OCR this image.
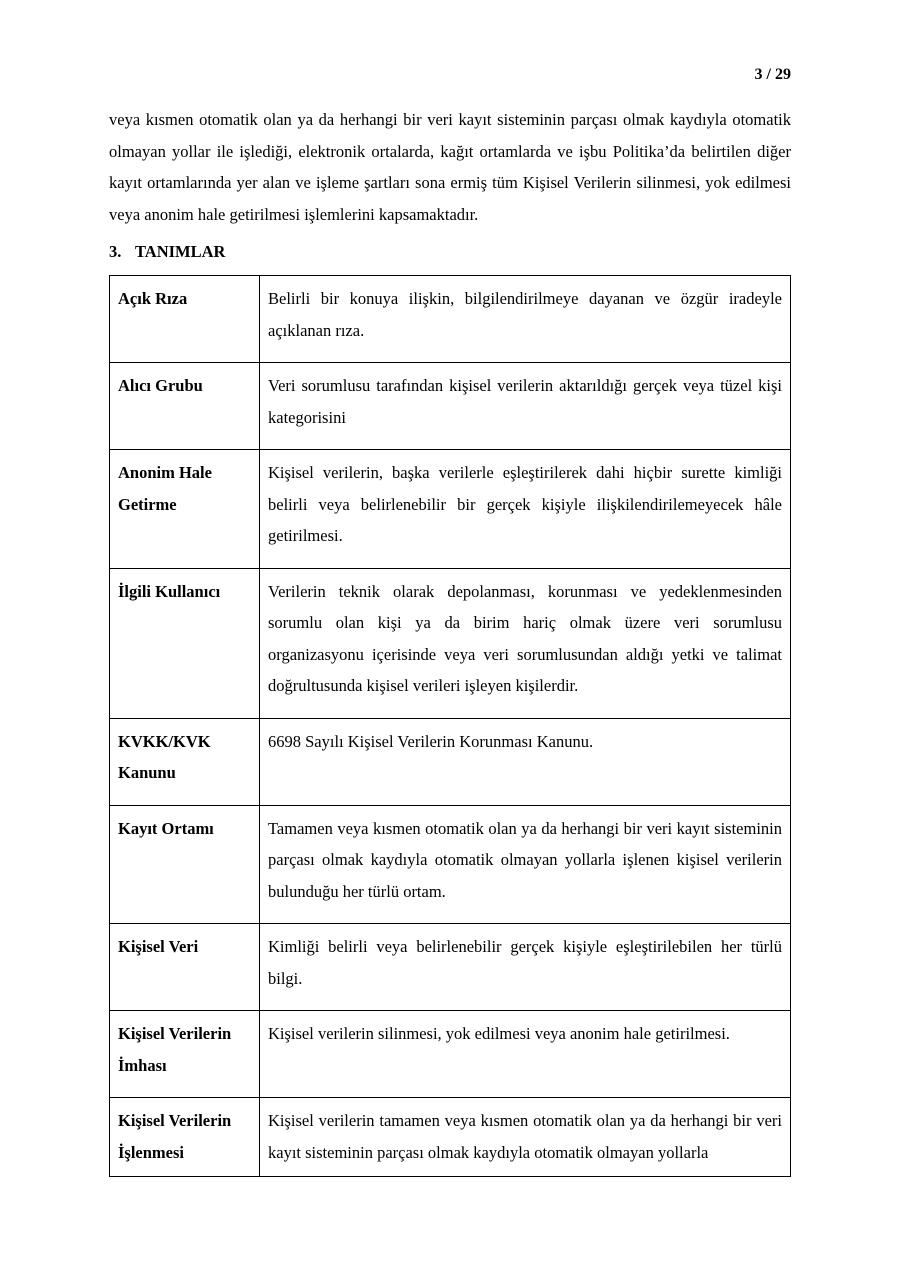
3 / 29

veya kısmen otomatik olan ya da herhangi bir veri kayıt sisteminin parçası olmak kaydıyla otomatik olmayan yollar ile işlediği, elektronik ortalarda, kağıt ortamlarda ve işbu Politika’da belirtilen diğer kayıt ortamlarında yer alan ve işleme şartları sona ermiş tüm Kişisel Verilerin silinmesi, yok edilmesi veya anonim hale getirilmesi işlemlerini kapsamaktadır.

3. TANIMLAR
Açık Rıza	Belirli bir konuya ilişkin, bilgilendirilmeye dayanan ve özgür iradeyle açıklanan rıza.
Alıcı Grubu	Veri sorumlusu tarafından kişisel verilerin aktarıldığı gerçek veya tüzel kişi kategorisini
Anonim Hale Getirme	Kişisel verilerin, başka verilerle eşleştirilerek dahi hiçbir surette kimliği belirli veya belirlenebilir bir gerçek kişiyle ilişkilendirilemeyecek hâle getirilmesi.
İlgili Kullanıcı	Verilerin teknik olarak depolanması, korunması ve yedeklenmesinden sorumlu olan kişi ya da birim hariç olmak üzere veri sorumlusu organizasyonu içerisinde veya veri sorumlusundan aldığı yetki ve talimat doğrultusunda kişisel verileri işleyen kişilerdir.
KVKK/KVK Kanunu	6698 Sayılı Kişisel Verilerin Korunması Kanunu.
Kayıt Ortamı	Tamamen veya kısmen otomatik olan ya da herhangi bir veri kayıt sisteminin parçası olmak kaydıyla otomatik olmayan yollarla işlenen kişisel verilerin bulunduğu her türlü ortam.
Kişisel Veri	Kimliği belirli veya belirlenebilir gerçek kişiyle eşleştirilebilen her türlü bilgi.
Kişisel Verilerin İmhası	Kişisel verilerin silinmesi, yok edilmesi veya anonim hale getirilmesi.
Kişisel Verilerin İşlenmesi	Kişisel verilerin tamamen veya kısmen otomatik olan ya da herhangi bir veri kayıt sisteminin parçası olmak kaydıyla otomatik olmayan yollarla
